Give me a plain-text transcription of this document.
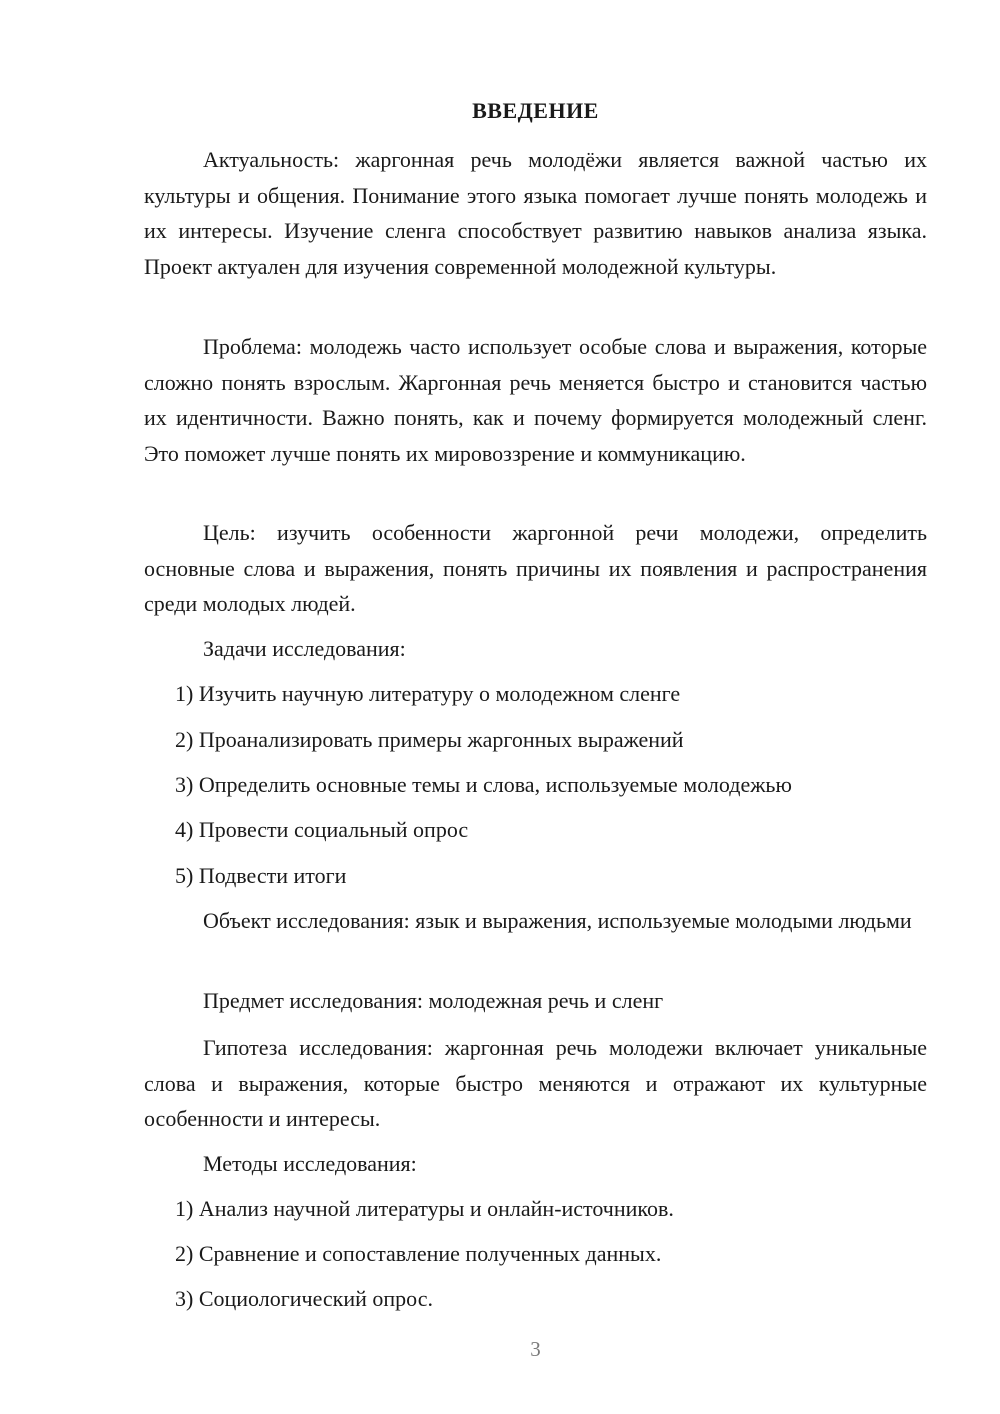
ВВЕДЕНИЕ

Актуальность: жаргонная речь молодёжи является важной частью их культуры и общения. Понимание этого языка помогает лучше понять молодежь и их интересы. Изучение сленга способствует развитию навыков анализа языка. Проект актуален для изучения современной молодежной культуры.

Проблема: молодежь часто использует особые слова и выражения, которые сложно понять взрослым. Жаргонная речь меняется быстро и становится частью их идентичности. Важно понять, как и почему формируется молодежный сленг. Это поможет лучше понять их мировоззрение и коммуникацию.

Цель: изучить особенности жаргонной речи молодежи, определить основные слова и выражения, понять причины их появления и распространения среди молодых людей.

Задачи исследования:

1) Изучить научную литературу о молодежном сленге

2) Проанализировать примеры жаргонных выражений

3) Определить основные темы и слова, используемые молодежью

4) Провести социальный опрос

5) Подвести итоги

Объект исследования: язык и выражения, используемые молодыми людьми

Предмет исследования: молодежная речь и сленг

Гипотеза исследования: жаргонная речь молодежи включает уникальные слова и выражения, которые быстро меняются и отражают их культурные особенности и интересы.

Методы исследования:

1) Анализ научной литературы и онлайн-источников.

2) Сравнение и сопоставление полученных данных.

3) Социологический опрос.

3
